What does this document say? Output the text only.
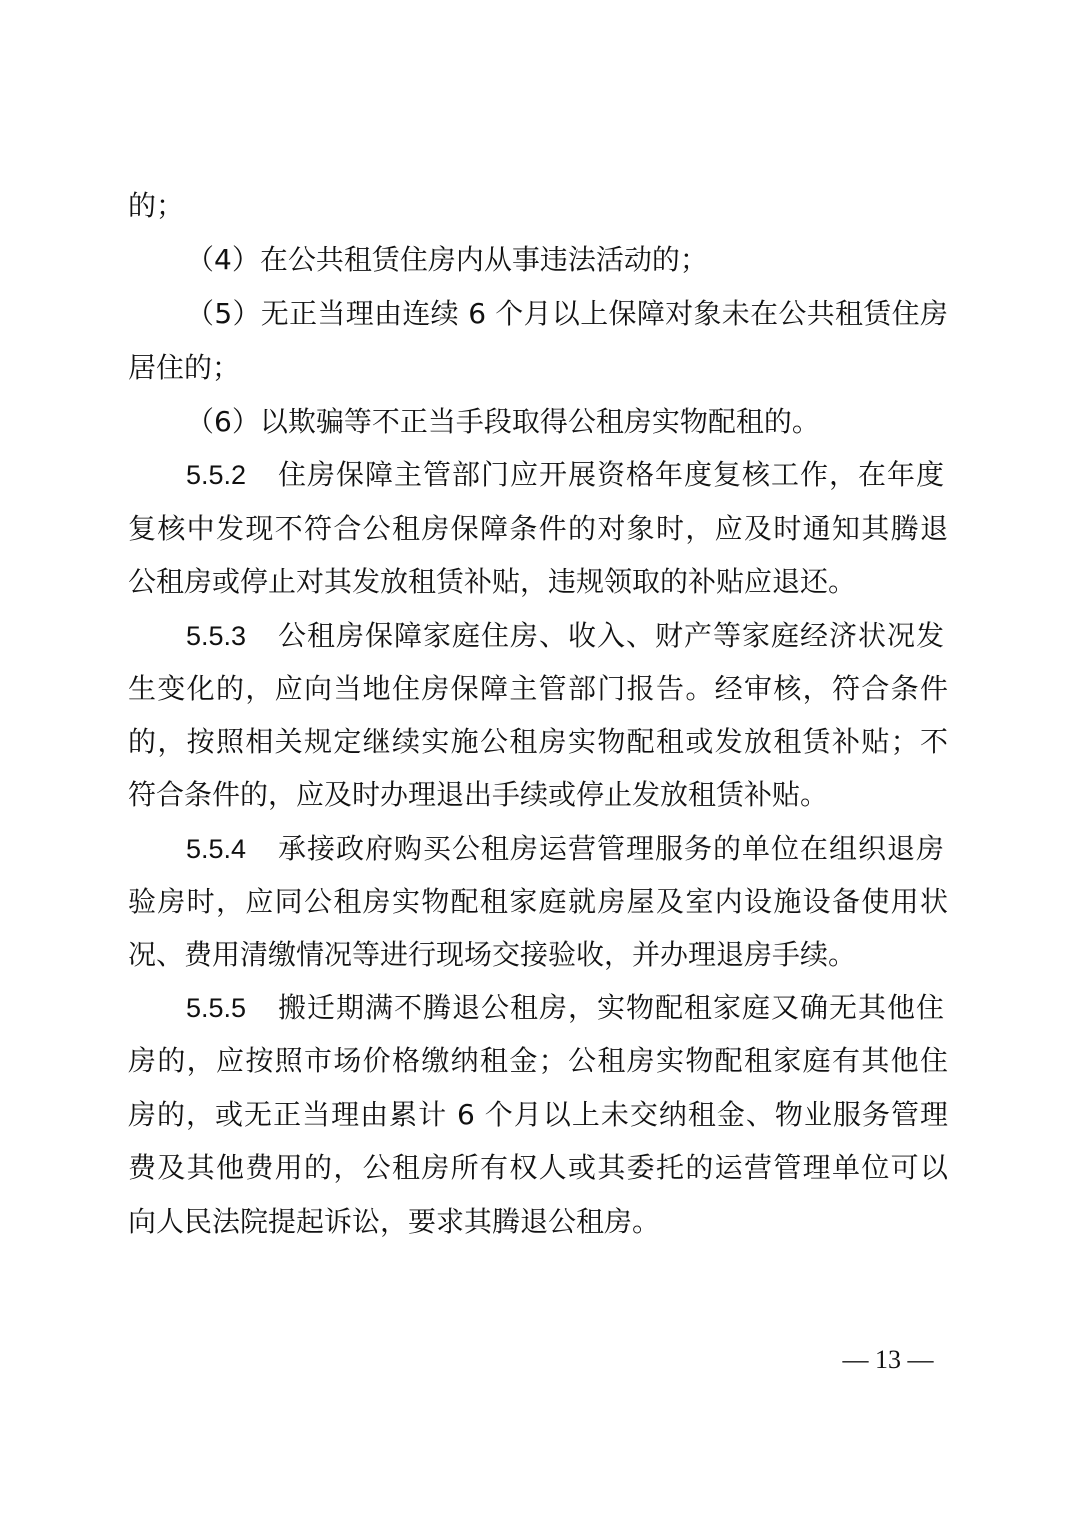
的；
（4）在公共租赁住房内从事违法活动的；
（5）无正当理由连续 6 个月以上保障对象未在公共租赁住房
居住的；
（6）以欺骗等不正当手段取得公租房实物配租的。
5.5.2 住房保障主管部门应开展资格年度复核工作，在年度
复核中发现不符合公租房保障条件的对象时，应及时通知其腾退
公租房或停止对其发放租赁补贴，违规领取的补贴应退还。
5.5.3 公租房保障家庭住房、收入、财产等家庭经济状况发
生变化的，应向当地住房保障主管部门报告。经审核，符合条件
的，按照相关规定继续实施公租房实物配租或发放租赁补贴；不
符合条件的，应及时办理退出手续或停止发放租赁补贴。
5.5.4 承接政府购买公租房运营管理服务的单位在组织退房
验房时，应同公租房实物配租家庭就房屋及室内设施设备使用状
况、费用清缴情况等进行现场交接验收，并办理退房手续。
5.5.5 搬迁期满不腾退公租房，实物配租家庭又确无其他住
房的，应按照市场价格缴纳租金；公租房实物配租家庭有其他住
房的，或无正当理由累计 6 个月以上未交纳租金、物业服务管理
费及其他费用的，公租房所有权人或其委托的运营管理单位可以
向人民法院提起诉讼，要求其腾退公租房。
— 13 —
